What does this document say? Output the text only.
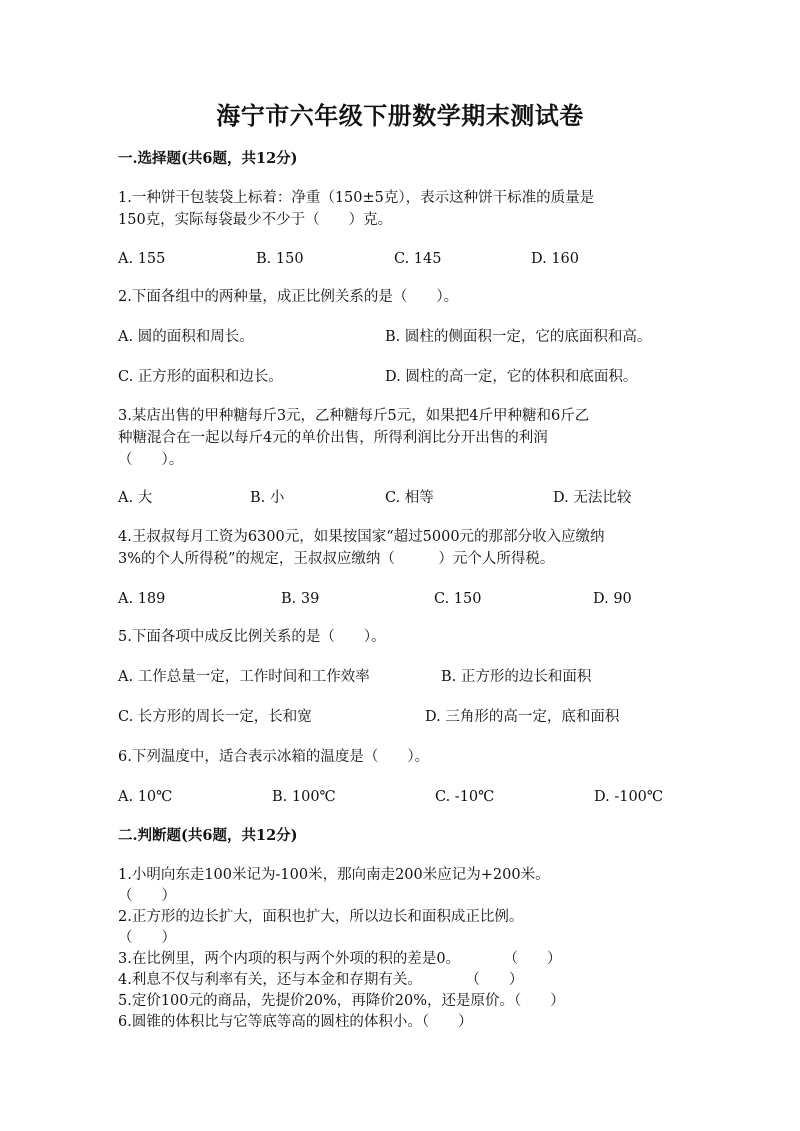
海宁市六年级下册数学期末测试卷
一.选择题(共6题，共12分)
1.一种饼干包装袋上标着：净重（150±5克），表示这种饼干标准的质量是
150克，实际每袋最少不少于（　　）克。
A. 155	B. 150	C. 145	D. 160
2.下面各组中的两种量，成正比例关系的是（　　）。
A. 圆的面积和周长。	B. 圆柱的侧面积一定，它的底面积和高。
C. 正方形的面积和边长。	D. 圆柱的高一定，它的体积和底面积。
3.某店出售的甲种糖每斤3元，乙种糖每斤5元，如果把4斤甲种糖和6斤乙
种糖混合在一起以每斤4元的单价出售，所得利润比分开出售的利润
（　　）。
A. 大	B. 小	C. 相等	D. 无法比较
4.王叔叔每月工资为6300元，如果按国家“超过5000元的那部分收入应缴纳
3%的个人所得税”的规定，王叔叔应缴纳（　　　）元个人所得税。
A. 189	B. 39	C. 150	D. 90
5.下面各项中成反比例关系的是（　　）。
A. 工作总量一定，工作时间和工作效率	B. 正方形的边长和面积
C. 长方形的周长一定，长和宽	D. 三角形的高一定，底和面积
6.下列温度中，适合表示冰箱的温度是（　　）。
A. 10℃	B. 100℃	C. -10℃	D. -100℃
二.判断题(共6题，共12分)
1.小明向东走100米记为-100米，那向南走200米应记为+200米。
（　　）
2.正方形的边长扩大，面积也扩大，所以边长和面积成正比例。
（　　）
3.在比例里，两个内项的积与两个外项的积的差是0。　　　　（　　）
4.利息不仅与利率有关，还与本金和存期有关。　　　　（　　）
5.定价100元的商品，先提价20%，再降价20%，还是原价。（　　）
6.圆锥的体积比与它等底等高的圆柱的体积小。（　　）
